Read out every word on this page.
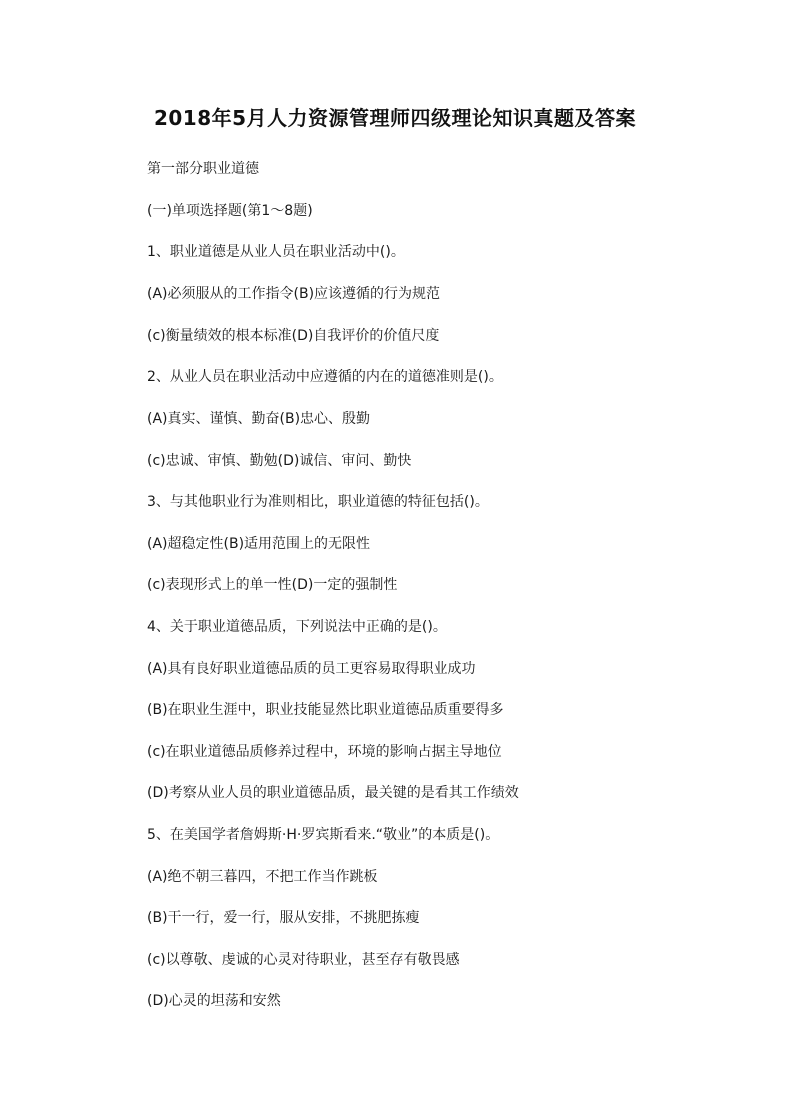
2018年5月人力资源管理师四级理论知识真题及答案
第一部分职业道德
(一)单项选择题(第1～8题)
1、职业道德是从业人员在职业活动中()。
(A)必须服从的工作指令(B)应该遵循的行为规范
(c)衡量绩效的根本标准(D)自我评价的价值尺度
2、从业人员在职业活动中应遵循的内在的道德准则是()。
(A)真实、谨慎、勤奋(B)忠心、殷勤
(c)忠诚、审慎、勤勉(D)诚信、审问、勤快
3、与其他职业行为准则相比，职业道德的特征包括()。
(A)超稳定性(B)适用范围上的无限性
(c)表现形式上的单一性(D)一定的强制性
4、关于职业道德品质，下列说法中正确的是()。
(A)具有良好职业道德品质的员工更容易取得职业成功
(B)在职业生涯中，职业技能显然比职业道德品质重要得多
(c)在职业道德品质修养过程中，环境的影响占据主导地位
(D)考察从业人员的职业道德品质，最关键的是看其工作绩效
5、在美国学者詹姆斯·H·罗宾斯看来.“敬业”的本质是()。
(A)绝不朝三暮四，不把工作当作跳板
(B)干一行，爱一行，服从安排，不挑肥拣瘦
(c)以尊敬、虔诚的心灵对待职业，甚至存有敬畏感
(D)心灵的坦荡和安然
